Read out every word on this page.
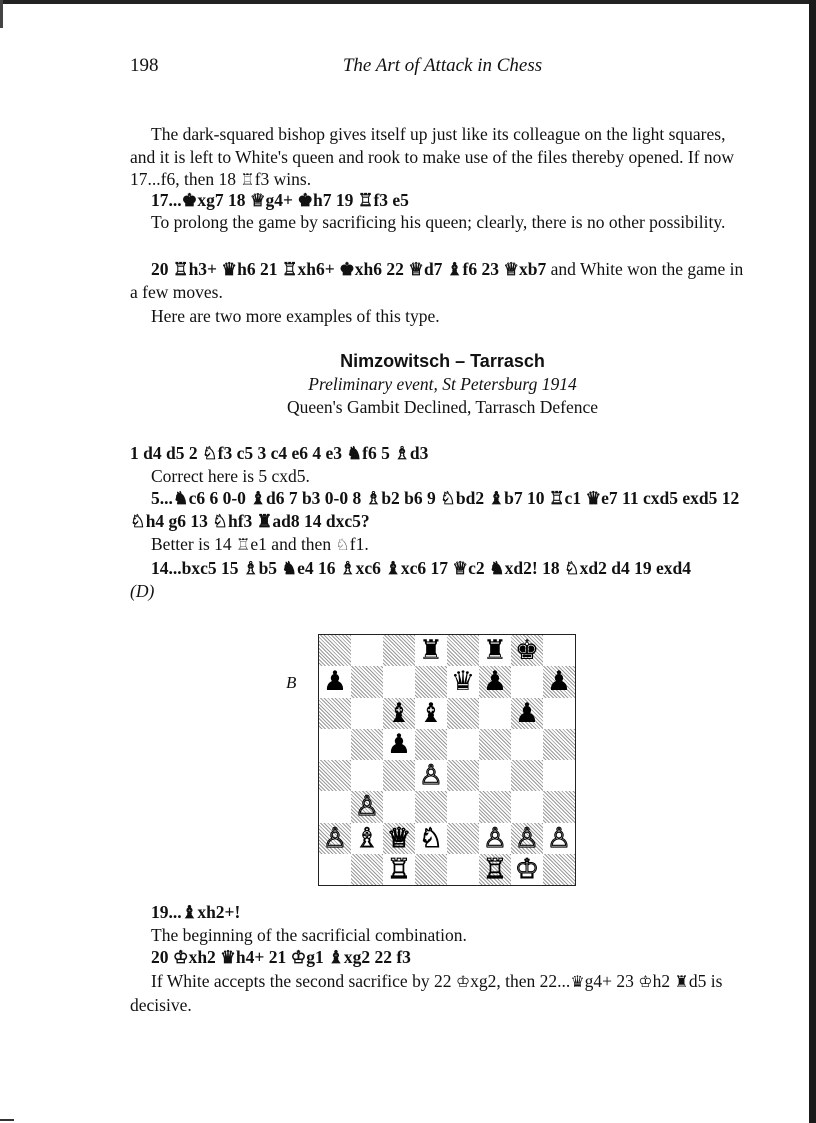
198	The Art of Attack in Chess
The dark-squared bishop gives itself up just like its colleague on the light squares, and it is left to White's queen and rook to make use of the files thereby opened. If now 17...f6, then 18 ♖f3 wins.
17...♚xg7 18 ♕g4+ ♚h7 19 ♖f3 e5
To prolong the game by sacrificing his queen; clearly, there is no other possibility.
20 ♖h3+ ♛h6 21 ♖xh6+ ♚xh6 22 ♕d7 ♝f6 23 ♕xb7 and White won the game in a few moves.
Here are two more examples of this type.
Nimzowitsch – Tarrasch
Preliminary event, St Petersburg 1914
Queen's Gambit Declined, Tarrasch Defence
1 d4 d5 2 ♘f3 c5 3 c4 e6 4 e3 ♞f6 5 ♗d3
Correct here is 5 cxd5.
5...♞c6 6 0-0 ♝d6 7 b3 0-0 8 ♗b2 b6 9 ♘bd2 ♝b7 10 ♖c1 ♛e7 11 cxd5 exd5 12 ♘h4 g6 13 ♘hf3 ♜ad8 14 dxc5?
Better is 14 ♖e1 and then ♘f1.
14...bxc5 15 ♗b5 ♞e4 16 ♗xc6 ♝xc6 17 ♕c2 ♞xd2! 18 ♘xd2 d4 19 exd4
(D)
B
♜ ♜ ♚
♟	♛ ♟ ♟
♝ ♝	♟
♟
♙
♙
♙ ♗ ♕ ♘ ♙ ♙ ♙
♖	♖ ♔
19...♝xh2+!
The beginning of the sacrificial combination.
20 ♔xh2 ♛h4+ 21 ♔g1 ♝xg2 22 f3
If White accepts the second sacrifice by 22 ♔xg2, then 22...♛g4+ 23 ♔h2 ♜d5 is decisive.
